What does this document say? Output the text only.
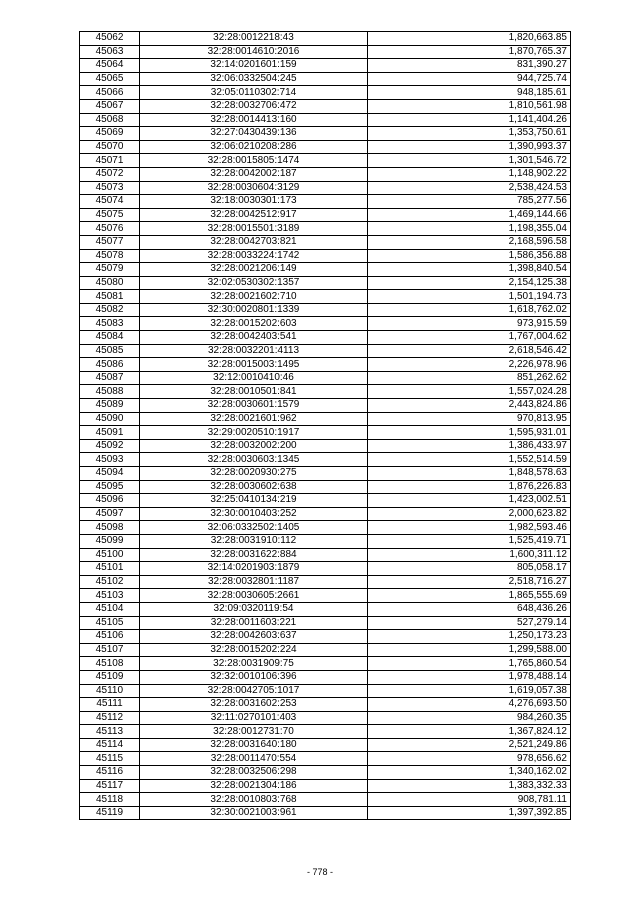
45062	32:28:0012218:43	1,820,663.85
45063	32:28:0014610:2016	1,870,765.37
45064	32:14:0201601:159	831,390.27
45065	32:06:0332504:245	944,725.74
45066	32:05:0110302:714	948,185.61
45067	32:28:0032706:472	1,810,561.98
45068	32:28:0014413:160	1,141,404.26
45069	32:27:0430439:136	1,353,750.61
45070	32:06:0210208:286	1,390,993.37
45071	32:28:0015805:1474	1,301,546.72
45072	32:28:0042002:187	1,148,902.22
45073	32:28:0030604:3129	2,538,424.53
45074	32:18:0030301:173	785,277.56
45075	32:28:0042512:917	1,469,144.66
45076	32:28:0015501:3189	1,198,355.04
45077	32:28:0042703:821	2,168,596.58
45078	32:28:0033224:1742	1,586,356.88
45079	32:28:0021206:149	1,398,840.54
45080	32:02:0530302:1357	2,154,125.38
45081	32:28:0021602:710	1,501,194.73
45082	32:30:0020801:1339	1,618,762.02
45083	32:28:0015202:603	973,915.59
45084	32:28:0042403:541	1,767,004.62
45085	32:28:0032201:4113	2,618,546.42
45086	32:28:0015003:1495	2,226,978.96
45087	32:12:0010410:46	851,262.62
45088	32:28:0010501:841	1,557,024.28
45089	32:28:0030601:1579	2,443,824.86
45090	32:28:0021601:962	970,813.95
45091	32:29:0020510:1917	1,595,931.01
45092	32:28:0032002:200	1,386,433.97
45093	32:28:0030603:1345	1,552,514.59
45094	32:28:0020930:275	1,848,578.63
45095	32:28:0030602:638	1,876,226.83
45096	32:25:0410134:219	1,423,002.51
45097	32:30:0010403:252	2,000,623.82
45098	32:06:0332502:1405	1,982,593.46
45099	32:28:0031910:112	1,525,419.71
45100	32:28:0031622:884	1,600,311.12
45101	32:14:0201903:1879	805,058.17
45102	32:28:0032801:1187	2,518,716.27
45103	32:28:0030605:2661	1,865,555.69
45104	32:09:0320119:54	648,436.26
45105	32:28:0011603:221	527,279.14
45106	32:28:0042603:637	1,250,173.23
45107	32:28:0015202:224	1,299,588.00
45108	32:28:0031909:75	1,765,860.54
45109	32:32:0010106:396	1,978,488.14
45110	32:28:0042705:1017	1,619,057.38
45111	32:28:0031602:253	4,276,693.50
45112	32:11:0270101:403	984,260.35
45113	32:28:0012731:70	1,367,824.12
45114	32:28:0031640:180	2,521,249.86
45115	32:28:0011470:554	978,656.62
45116	32:28:0032506:298	1,340,162.02
45117	32:28:0021304:186	1,383,332.33
45118	32:28:0010803:768	908,781.11
45119	32:30:0021003:961	1,397,392.85
- 778 -
